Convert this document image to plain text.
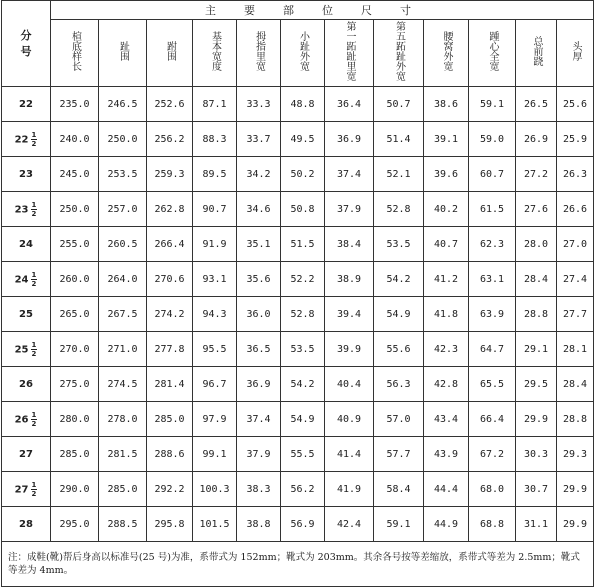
分
号	主要部位尺寸											
	楦底样长	趾围	跗围	基本宽度	拇指里宽	小趾外宽	第一跖趾里宽	第五跖趾外宽	腰窝外宽	踵心全宽	总前跷	头厚
22	235.0	246.5	252.6	87.1	33.3	48.8	36.4	50.7	38.6	59.1	26.5	25.6
$22 \frac{1}{2}$	240.0	250.0	256.2	88.3	33.7	49.5	36.9	51.4	39.1	59.0	26.9	25.9
23	245.0	253.5	259.3	89.5	34.2	50.2	37.4	52.1	39.6	60.7	27.2	26.3
$23 \frac{1}{2}$	250.0	257.0	262.8	90.7	34.6	50.8	37.9	52.8	40.2	61.5	27.6	26.6
24	255.0	260.5	266.4	91.9	35.1	51.5	38.4	53.5	40.7	62.3	28.0	27.0
$24 \frac{1}{2}$	260.0	264.0	270.6	93.1	35.6	52.2	38.9	54.2	41.2	63.1	28.4	27.4
25	265.0	267.5	274.2	94.3	36.0	52.8	39.4	54.9	41.8	63.9	28.8	27.7
$25 \frac{1}{2}$	270.0	271.0	277.8	95.5	36.5	53.5	39.9	55.6	42.3	64.7	29.1	28.1
26	275.0	274.5	281.4	96.7	36.9	54.2	40.4	56.3	42.8	65.5	29.5	28.4
$26 \frac{1}{2}$	280.0	278.0	285.0	97.9	37.4	54.9	40.9	57.0	43.4	66.4	29.9	28.8
27	285.0	281.5	288.6	99.1	37.9	55.5	41.4	57.7	43.9	67.2	30.3	29.3
$27 \frac{1}{2}$	290.0	285.0	292.2	100.3	38.3	56.2	41.9	58.4	44.4	68.0	30.7	29.9
28	295.0	288.5	295.8	101.5	38.8	56.9	42.4	59.1	44.9	68.8	31.1	29.9
注：成鞋(靴)帮后身高以标准号(25 号)为准，系带式为 152mm；靴式为 203mm。其余各号按等差缩放，系带式等差为 2.5mm；靴式等差为 4mm。												
